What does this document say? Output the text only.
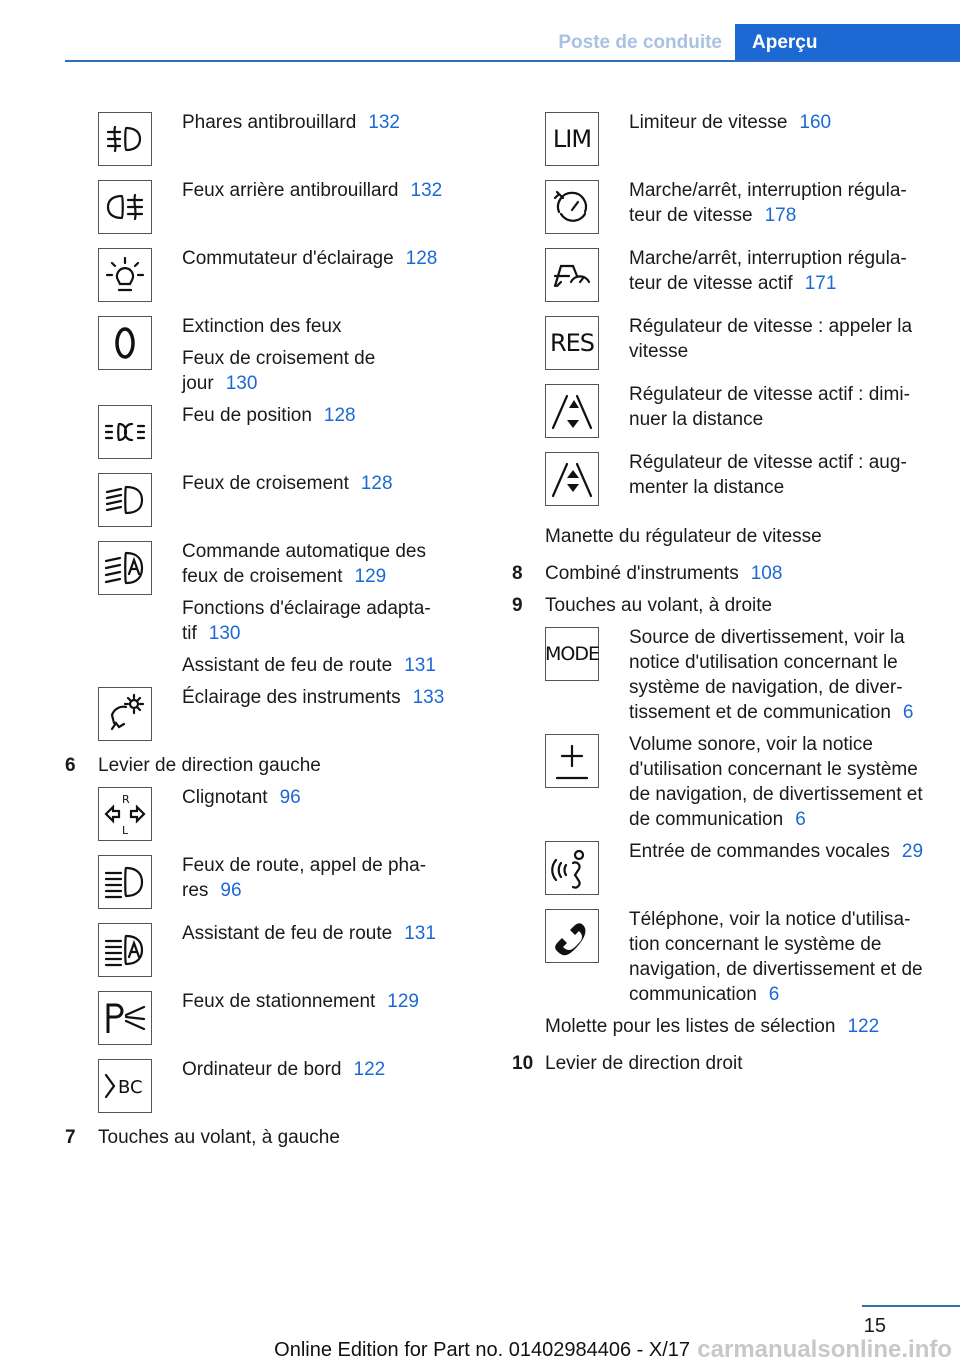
Poste de conduite	Aperçu

Phares antibrouillard 132

Feux arrière antibrouillard 132

Commutateur d'éclairage 128

Extinction des feux

Feux de croisement de jour 130

Feu de position 128

Feux de croisement 128

Commande automatique des feux de croisement 129

Fonctions d'éclairage adaptatif 130

Assistant de feu de route 131

Éclairage des instruments 133

6 Levier de direction gauche
R
L

Clignotant 96

Feux de route, appel de phares 96

Assistant de feu de route 131

Feux de stationnement 129

BC

Ordinateur de bord 122

7 Touches au volant, à gauche
LIM

Limiteur de vitesse 160

Marche/arrêt, interruption régulateur de vitesse 178

Marche/arrêt, interruption régulateur de vitesse actif 171

RES

Régulateur de vitesse : appeler la vitesse

Régulateur de vitesse actif : diminuer la distance

Régulateur de vitesse actif : augmenter la distance

Manette du régulateur de vitesse
8 Combiné d'instruments 108
9 Touches au volant, à droite
MODE

Source de divertissement, voir la notice d'utilisation concernant le système de navigation, de divertissement et de communication 6

Volume sonore, voir la notice d'utilisation concernant le système de navigation, de divertissement et de communication 6

Entrée de commandes vocales 29

Téléphone, voir la notice d'utilisation concernant le système de navigation, de divertissement et de communication 6

Molette pour les listes de sélection 122
10 Levier de direction droit
15
Online Edition for Part no. 01402984406 - X/17 carmanualsonline.info
